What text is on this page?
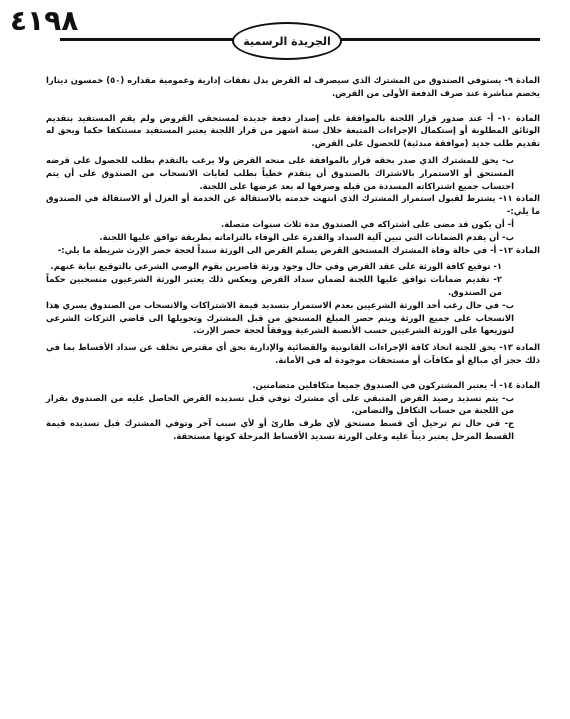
٤١٩٨
الجريدة الرسمية

المادة ٩- يستوفي الصندوق من المشترك الذي سيصرف له القرض بدل نفقات إدارية وعمومية مقداره (٥٠) خمسون دينارا يخصم مباشرة عند صرف الدفعة الأولى من القرض.

المادة ١٠- أ- عند صدور قرار اللجنة بالموافقة على إصدار دفعة جديدة لمستحقي القروض ولم يقم المستفيد بتقديم الوثائق المطلوبة أو إستكمال الإجراءات المتبعة خلال ستة اشهر من قرار اللجنة يعتبر المستفيد مستنكفا حكما ويحق له تقديم طلب جديد (موافقة مبدئية) للحصول على القرض.

ب- يحق للمشترك الذي صدر بحقه قرار بالموافقة على منحه القرض ولا يرغب بالتقدم بطلب للحصول على قرضه المستحق أو الاستمرار بالاشتراك بالصندوق أن يتقدم خطياً بطلب لغايات الانسحاب من الصندوق على أن يتم احتساب جميع اشتراكاته المسددة من قبله وصرفها له بعد عرضها على اللجنة.

المادة ١١- يشترط لقبول استمرار المشترك الذي انتهت خدمته بالاستقالة عن الخدمة أو العزل أو الاستقالة في الصندوق ما يلي:-

أ- أن يكون قد مضى على اشتراكه في الصندوق مدة ثلاث سنوات متصلة.

ب- أن يقدم الضمانات التي تبين آلية السداد والقدرة على الوفاء بالتزاماته بطريقة توافق عليها اللجنة.

المادة ١٢- أ- في حالة وفاة المشترك المستحق القرض يسلم القرض الى الورثة سنداً لحجة حصر الإرث شريطة ما يلي:-

١- توقيع كافة الورثة على عقد القرض وفي حال وجود ورثة قاصرين يقوم الوصي الشرعي بالتوقيع نيابة عنهم.

٢- تقديم ضمانات توافق عليها اللجنة لضمان سداد القرض ويعكس ذلك يعتبر الورثة الشرعيون منسحبين حكماً من الصندوق.

ب- في حال رغب أحد الورثة الشرعيين بعدم الاستمرار بتسديد قيمة الاشتراكات والانسحاب من الصندوق يسري هذا الانسحاب على جميع الورثة ويتم حصر المبلغ المستحق من قبل المشترك وتحويلها الى قاضي التركات الشرعي لتوزيعها على الورثة الشرعيين حسب الأنصبة الشرعية ووفقاً لحجة حصر الإرث.

المادة ١٣- يحق للجنة اتخاذ كافة الإجراءات القانونية والقضائية والإدارية بحق أي مقترض تخلف عن سداد الأقساط بما في ذلك حجز أي مبالغ أو مكافآت أو مستحقات موجودة له في الأمانة.

المادة ١٤- أ- يعتبر المشتركون في الصندوق جميعا متكافلين متضامنين.

ب- يتم تسديد رصيد القرض المتبقي على أي مشترك توفي قبل تسديده القرض الحاصل عليه من الصندوق بقرار من اللجنة من حساب التكافل والتضامن.

ج- في حال تم ترحيل أي قسط مستحق لأي ظرف طارئ أو لأي سبب آخر وتوفي المشترك قبل تسديده قيمة القسط المرحل يعتبر ديناً عليه وعلى الورثة تسديد الأقساط المرحلة كونها مستحقة.
